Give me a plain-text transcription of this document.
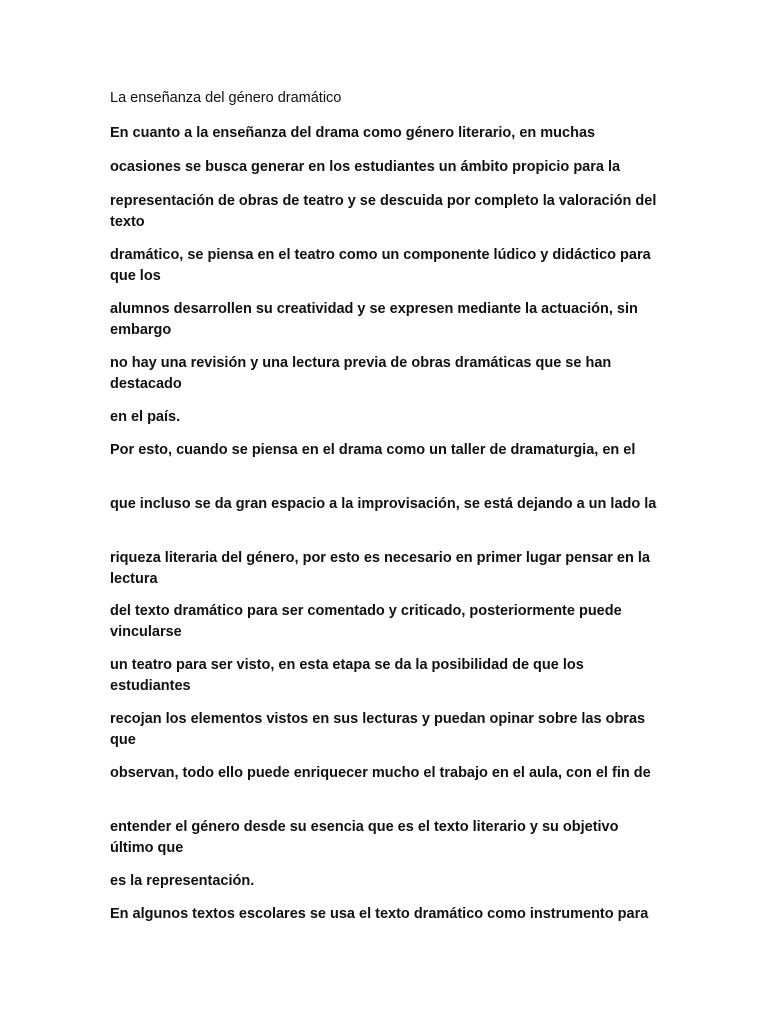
La enseñanza del género dramático

En cuanto a la enseñanza del drama como género literario, en muchas

ocasiones se busca generar en los estudiantes un ámbito propicio para la

representación de obras de teatro y se descuida por completo la valoración del texto

dramático, se piensa en el teatro como un componente lúdico y didáctico para que los

alumnos desarrollen su creatividad y se expresen mediante la actuación, sin embargo

no hay una revisión y una lectura previa de obras dramáticas que se han destacado

en el país.

Por esto, cuando se piensa en el drama como un taller de dramaturgia, en el

que incluso se da gran espacio a la improvisación, se está dejando a un lado la

riqueza literaria del género, por esto es necesario en primer lugar pensar en la lectura

del texto dramático para ser comentado y criticado, posteriormente puede vincularse

un teatro para ser visto, en esta etapa se da la posibilidad de que los estudiantes

recojan los elementos vistos en sus lecturas y puedan opinar sobre las obras que

observan, todo ello puede enriquecer mucho el trabajo en el aula, con el fin de

entender el género desde su esencia que es el texto literario y su objetivo último que

es la representación.

En algunos textos escolares se usa el texto dramático como instrumento para
